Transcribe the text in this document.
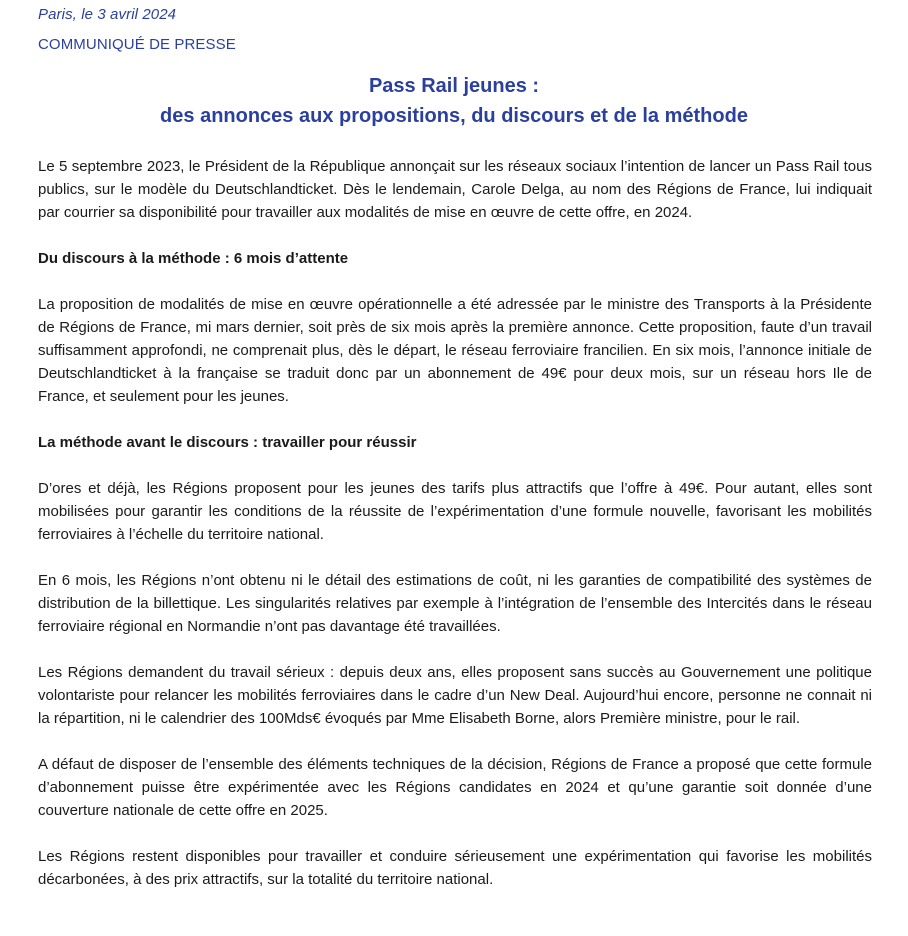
Paris, le 3 avril 2024
COMMUNIQUÉ DE PRESSE
Pass Rail jeunes :
des annonces aux propositions, du discours et de la méthode

Le 5 septembre 2023, le Président de la République annonçait sur les réseaux sociaux l’intention de lancer un Pass Rail tous publics, sur le modèle du Deutschlandticket. Dès le lendemain, Carole Delga, au nom des Régions de France, lui indiquait par courrier sa disponibilité pour travailler aux modalités de mise en œuvre de cette offre, en 2024.

Du discours à la méthode : 6 mois d’attente

La proposition de modalités de mise en œuvre opérationnelle a été adressée par le ministre des Transports à la Présidente de Régions de France, mi mars dernier, soit près de six mois après la première annonce. Cette proposition, faute d’un travail suffisamment approfondi, ne comprenait plus, dès le départ, le réseau ferroviaire francilien. En six mois, l’annonce initiale de Deutschlandticket à la française se traduit donc par un abonnement de 49€ pour deux mois, sur un réseau hors Ile de France, et seulement pour les jeunes.

La méthode avant le discours : travailler pour réussir

D’ores et déjà, les Régions proposent pour les jeunes des tarifs plus attractifs que l’offre à 49€. Pour autant, elles sont mobilisées pour garantir les conditions de la réussite de l’expérimentation d’une formule nouvelle, favorisant les mobilités ferroviaires à l’échelle du territoire national.

En 6 mois, les Régions n’ont obtenu ni le détail des estimations de coût, ni les garanties de compatibilité des systèmes de distribution de la billettique. Les singularités relatives par exemple à l’intégration de l’ensemble des Intercités dans le réseau ferroviaire régional en Normandie n’ont pas davantage été travaillées.

Les Régions demandent du travail sérieux : depuis deux ans, elles proposent sans succès au Gouvernement une politique volontariste pour relancer les mobilités ferroviaires dans le cadre d’un New Deal. Aujourd’hui encore, personne ne connait ni la répartition, ni le calendrier des 100Mds€ évoqués par Mme Elisabeth Borne, alors Première ministre, pour le rail.

A défaut de disposer de l’ensemble des éléments techniques de la décision, Régions de France a proposé que cette formule d’abonnement puisse être expérimentée avec les Régions candidates en 2024 et qu’une garantie soit donnée d’une couverture nationale de cette offre en 2025.

Les Régions restent disponibles pour travailler et conduire sérieusement une expérimentation qui favorise les mobilités décarbonées, à des prix attractifs, sur la totalité du territoire national.
